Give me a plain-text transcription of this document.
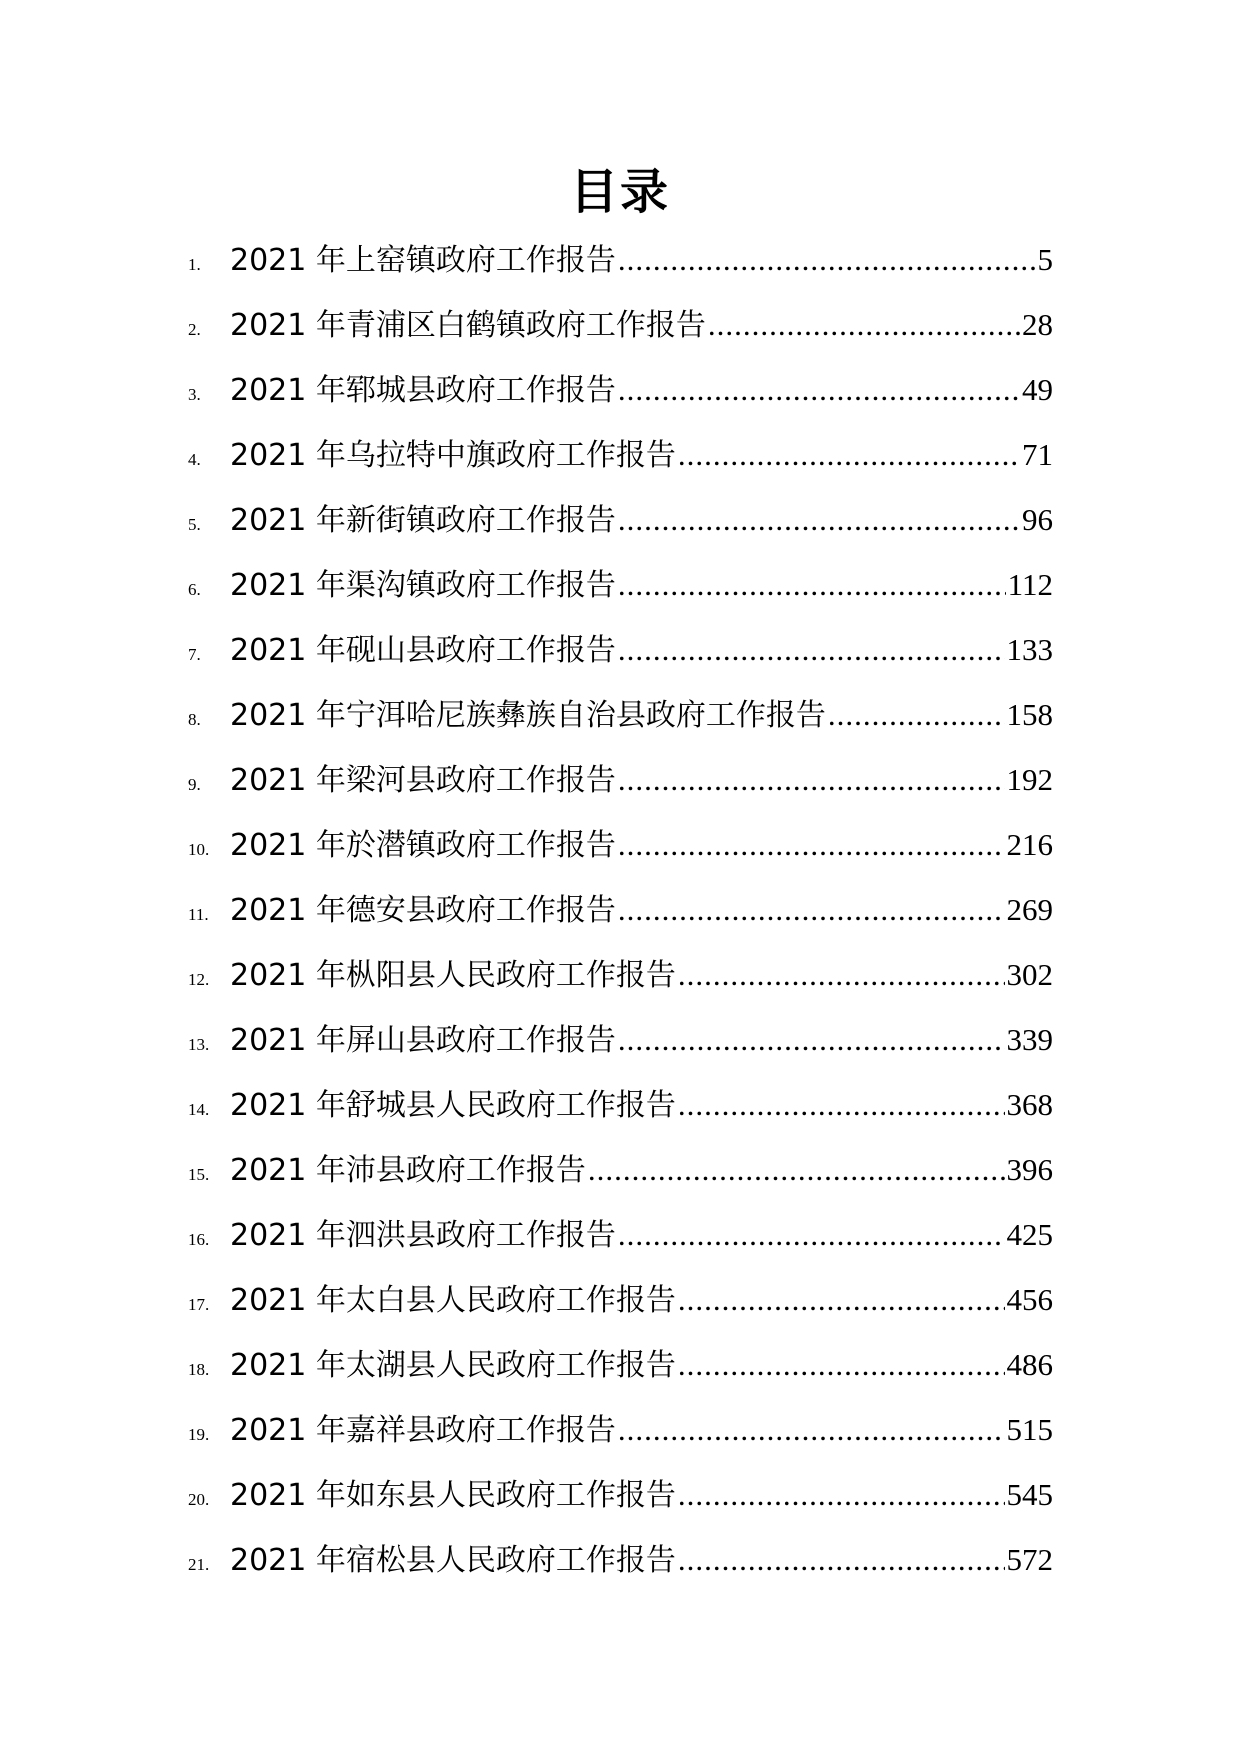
目录
1. 2021 年上窑镇政府工作报告 .....	5
2. 2021 年青浦区白鹤镇政府工作报告 .....	28
3. 2021 年郓城县政府工作报告 .....	49
4. 2021 年乌拉特中旗政府工作报告 .....	71
5. 2021 年新街镇政府工作报告 .....	96
6. 2021 年渠沟镇政府工作报告 .....	112
7. 2021 年砚山县政府工作报告 .....	133
8. 2021 年宁洱哈尼族彝族自治县政府工作报告 .....	158
9. 2021 年梁河县政府工作报告 .....	192
10. 2021 年於潜镇政府工作报告 .....	216
11. 2021 年德安县政府工作报告 .....	269
12. 2021 年枞阳县人民政府工作报告 .....	302
13. 2021 年屏山县政府工作报告 .....	339
14. 2021 年舒城县人民政府工作报告 .....	368
15. 2021 年沛县政府工作报告 .....	396
16. 2021 年泗洪县政府工作报告 .....	425
17. 2021 年太白县人民政府工作报告 .....	456
18. 2021 年太湖县人民政府工作报告 .....	486
19. 2021 年嘉祥县政府工作报告 .....	515
20. 2021 年如东县人民政府工作报告 .....	545
21. 2021 年宿松县人民政府工作报告 .....	572
